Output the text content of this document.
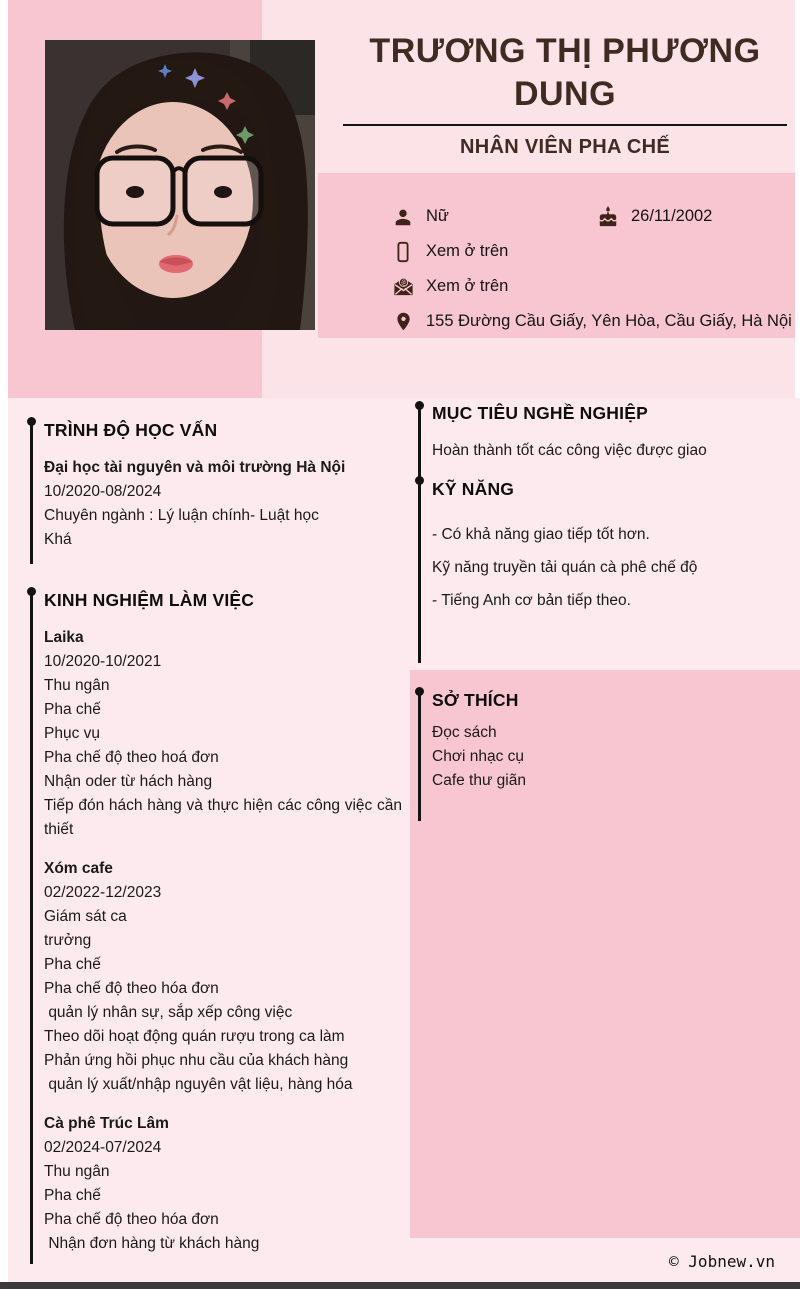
TRƯƠNG THỊ PHƯƠNG DUNG
NHÂN VIÊN PHA CHẾ
Nữ	26/11/2002
Xem ở trên
@ Xem ở trên
155 Đường Cầu Giấy, Yên Hòa, Cầu Giấy, Hà Nội
TRÌNH ĐỘ HỌC VẤN
Đại học tài nguyên và môi trường Hà Nội
10/2020-08/2024
Chuyên ngành : Lý luận chính- Luật học
Khá
KINH NGHIỆM LÀM VIỆC
Laika
10/2020-10/2021
Thu ngân
Pha chế
Phục vụ
Pha chế độ theo hoá đơn
Nhận oder từ hách hàng
Tiếp đón hách hàng và thực hiện các công việc cần thiết
Xóm cafe
02/2022-12/2023
Giám sát ca
trưởng
Pha chế
Pha chế độ theo hóa đơn
quản lý nhân sự, sắp xếp công việc
Theo dõi hoạt động quán rượu trong ca làm
Phản ứng hồi phục nhu cầu của khách hàng
quản lý xuất/nhập nguyên vật liệu, hàng hóa
Cà phê Trúc Lâm
02/2024-07/2024
Thu ngân
Pha chế
Pha chế độ theo hóa đơn
Nhận đơn hàng từ khách hàng
MỤC TIÊU NGHỀ NGHIỆP
Hoàn thành tốt các công việc được giao
KỸ NĂNG
- Có khả năng giao tiếp tốt hơn.
Kỹ năng truyền tải quán cà phê chế độ
- Tiếng Anh cơ bản tiếp theo.
SỞ THÍCH
Đọc sách
Chơi nhạc cụ
Cafe thư giãn
© Jobnew.vn
